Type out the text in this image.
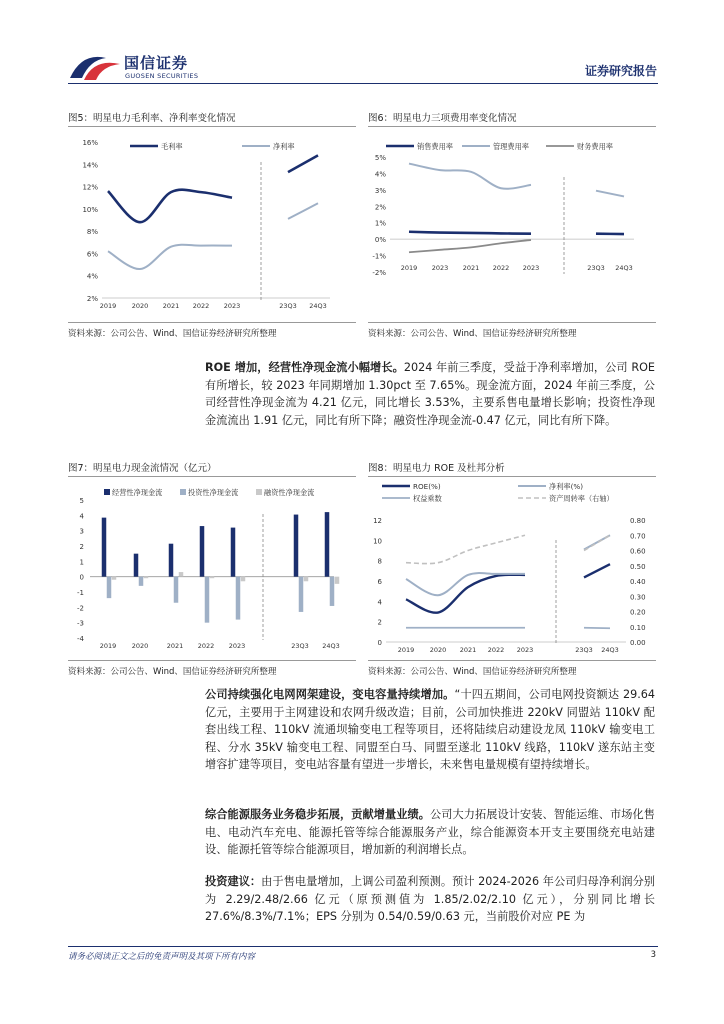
国信证券
GUOSEN SECURITIES	证券研究报告
图5：明星电力毛利率、净利率变化情况
资料来源：公司公告、Wind、国信证券经济研究所整理
图6：明星电力三项费用率变化情况
资料来源：公司公告、Wind、国信证券经济研究所整理
图7：明星电力现金流情况（亿元）
资料来源：公司公告、Wind、国信证券经济研究所整理
图8：明星电力 ROE 及杜邦分析
资料来源：公司公告、Wind、国信证券经济研究所整理
2%
4%
6%
8%
10%
12%
14%
16%
2019 2020 2021 2022 2023	23Q3 24Q3
毛利率	净利率
-2%
-1%
0%
1%
2%
3%
4%
5%
2019 2023 2021 2022 2023	23Q3 24Q3
销售费用率	管理费用率	财务费用率
-4
-3
-2
-1
0
1
2
3
4
5
2019 2020	2021 2022 2023	23Q3 24Q3
经营性净现金流	投资性净现金流	融资性净现金流
0
2
4
6
8
10
12
0.00
0.10
0.20
0.30
0.40
0.50
0.60
0.70
0.80
2019 2020 2021 2022 2023	23Q3 24Q3
ROE(%)	净利率(%)
权益乘数	资产周转率（右轴）
ROE 增加，经营性净现金流小幅增长。2024 年前三季度，受益于净利率增加，公司 ROE 有所增长，较 2023 年同期增加 1.30pct 至 7.65%。现金流方面，2024 年前三季度，公司经营性净现金流为 4.21 亿元，同比增长 3.53%，主要系售电量增长影响；投资性净现金流流出 1.91 亿元，同比有所下降；融资性净现金流-0.47 亿元，同比有所下降。
公司持续强化电网网架建设，变电容量持续增加。“十四五期间，公司电网投资额达 29.64 亿元，主要用于主网建设和农网升级改造；目前，公司加快推进 220kV 同盟站 110kV 配套出线工程、110kV 流通坝输变电工程等项目，还将陆续启动建设龙凤 110kV 输变电工程、分水 35kV 输变电工程、同盟至白马、同盟至遂北 110kV 线路，110kV 遂东站主变增容扩建等项目，变电站容量有望进一步增长，未来售电量规模有望持续增长。
综合能源服务业务稳步拓展，贡献增量业绩。公司大力拓展设计安装、智能运维、市场化售电、电动汽车充电、能源托管等综合能源服务产业，综合能源资本开支主要围绕充电站建设、能源托管等综合能源项目，增加新的利润增长点。
投资建议：由于售电量增加，上调公司盈利预测。预计 2024-2026 年公司归母净利润分别为 2.29/2.48/2.66 亿元（原预测值为 1.85/2.02/2.10 亿元），分别同比增长 27.6%/8.3%/7.1%；EPS 分别为 0.54/0.59/0.63 元，当前股价对应 PE 为
请务必阅读正文之后的免责声明及其项下所有内容	3
